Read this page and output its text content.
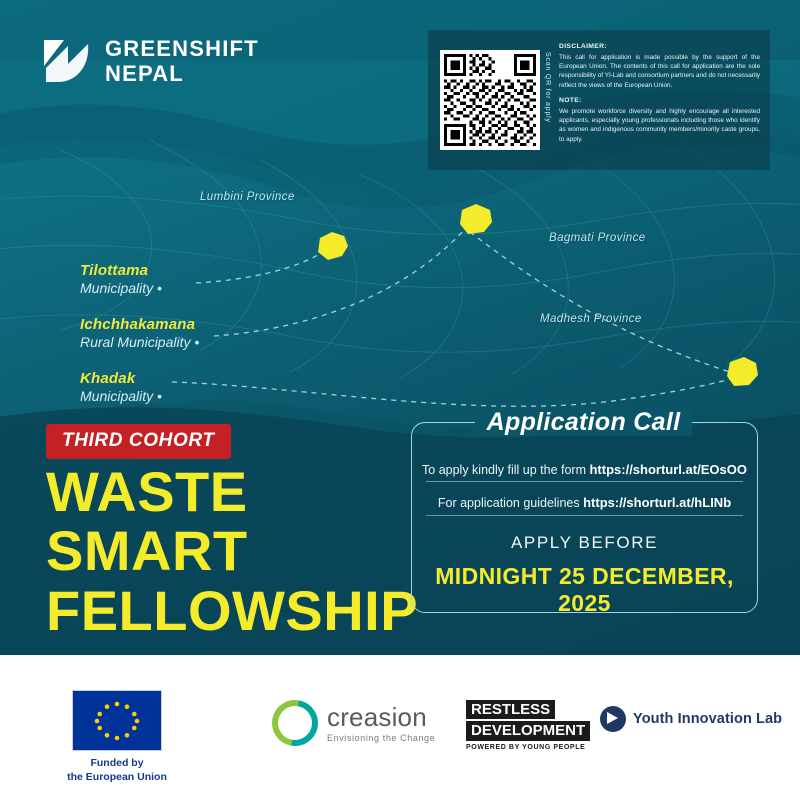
GREENSHIFT
NEPAL	Scan QR for apply

DISCLAIMER:
This call for application is made possible by the support of the European Union. The contents of this call for application are the sole responsibility of YI-Lab and consortium partners and do not necessarily reflect the views of the European Union.

NOTE:
We promote workforce diversity and highly encourage all interested applicants, especially young professionals including those who identify as women and indigenous community members/minority caste groups, to apply.

Lumbini Province
Bagmati Province
Madhesh Province
Tilottama
Municipality •
Ichchhakamana
Rural Municipality •
Khadak
Municipality •
THIRD COHORT
WASTE
SMART
FELLOWSHIP
To apply kindly fill up the form https://shorturl.at/EOsOO
For application guidelines https://shorturl.at/hLINb
APPLY BEFORE
MIDNIGHT 25 DECEMBER, 2025
Application Call
Funded by
the European Union
creasion
Envisioning the Change
RESTLESS
DEVELOPMENT
POWERED BY YOUNG PEOPLE
Youth Innovation Lab
